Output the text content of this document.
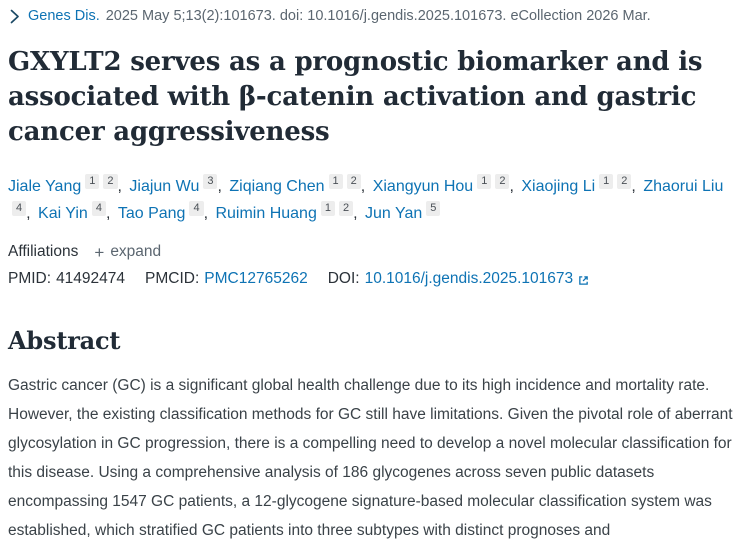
Genes Dis. 2025 May 5;13(2):101673. doi: 10.1016/j.gendis.2025.101673. eCollection 2026 Mar.
GXYLT2 serves as a prognostic biomarker and is associated with β-catenin activation and gastric cancer aggressiveness
Jiale Yang $^1$ $^2$ , Jiajun Wu $^3$ , Ziqiang Chen $^1$ $^2$ , Xiangyun Hou $^1$ $^2$ , Xiaojing Li $^1$ $^2$ , Zhaorui Liu$^4$ , Kai Yin $^4$ , Tao Pang $^4$ , Ruimin Huang $^1$ $^2$ , Jun Yan $^5$
Affiliations + expand
PMID: 41492474 PMCID: PMC12765262 DOI: 10.1016/j.gendis.2025.101673
Abstract

Gastric cancer (GC) is a significant global health challenge due to its high incidence and mortality rate. However, the existing classification methods for GC still have limitations. Given the pivotal role of aberrant glycosylation in GC progression, there is a compelling need to develop a novel molecular classification for this disease. Using a comprehensive analysis of 186 glycogenes across seven public datasets encompassing 1547 GC patients, a 12-glycogene signature-based molecular classification system was established, which stratified GC patients into three subtypes with distinct prognoses and
